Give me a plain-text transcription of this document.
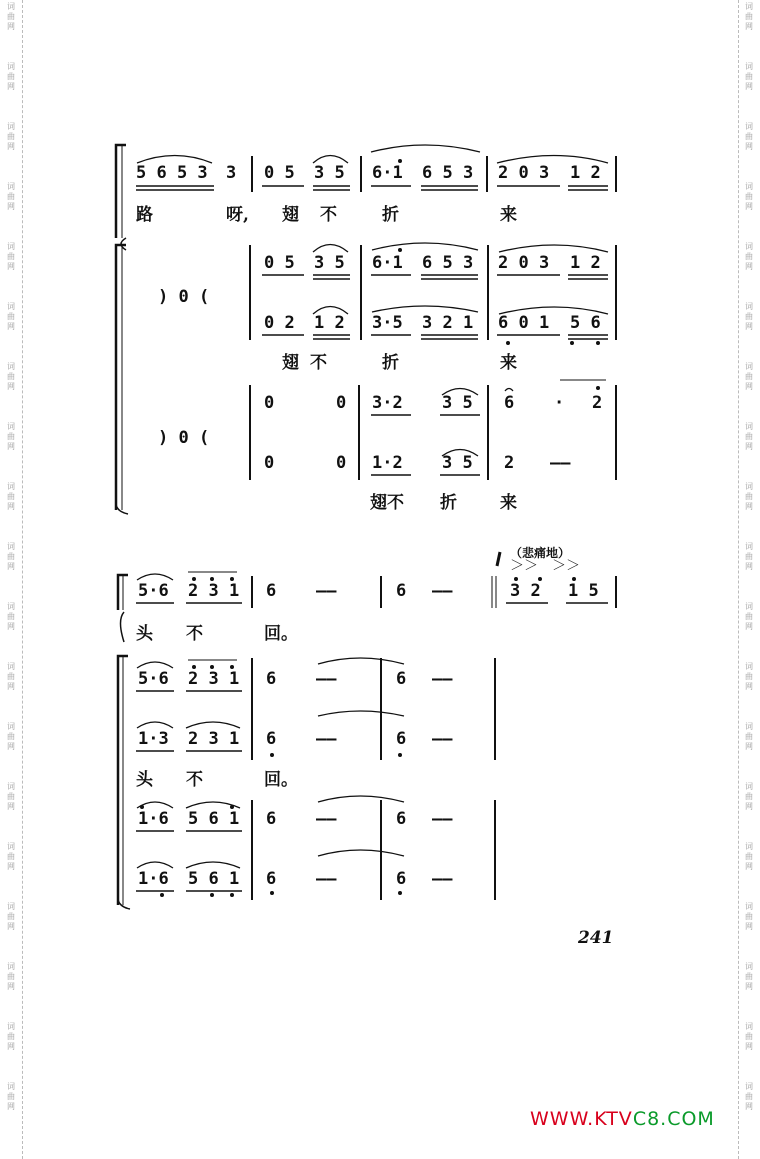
5 6 5 3 3 0 5 3 5 6·1 6 5 3 2 0 3 1 2
路	呀, 翅 不	折	来
) 0 (
0 5 3 5 6·1 6 5 3 2 0 3 1 2
0 2 1 2 3·5 3 2 1 6 0 1 5 6
翅 不	折	来
) 0 (
0	0 3·2 3 5 6 · 2
0	0 1·2 3 5 2 ——
翅不 折	来
（悲痛地）
＞＞　＞＞
5·6 2 3 1 6 ——	6 ——	3 2 1 5
头 不	回。
5·6 2 3 1 6 ——	6 ——
1·3 2 3 1 6 ——	6 ——
头 不	回。
1·6 5 6 1 6 ——	6 ——
1·6 5 6 1 6 ——	6 ——
241
WWW.KTVC8.COM
词
曲
网
词
曲
网
词
曲
网
词
曲
网
词
曲
网
词
曲
网
词
曲
网
词
曲
网
词
曲
网
词
曲
网
词
曲
网
词
曲
网
词
曲
网
词
曲
网
词
曲
网
词
曲
网
词
曲
网
词
曲
网
词
曲
网
词
曲
网
词
曲
网
词
曲
网
词
曲
网
词
曲
网
词
曲
网
词
曲
网
词
曲
网
词
曲
网
词
曲
网
词
曲
网
词
曲
网
词
曲
网
词
曲
网
词
曲
网
词
曲
网
词
曲
网
词
曲
网
词
曲
网
